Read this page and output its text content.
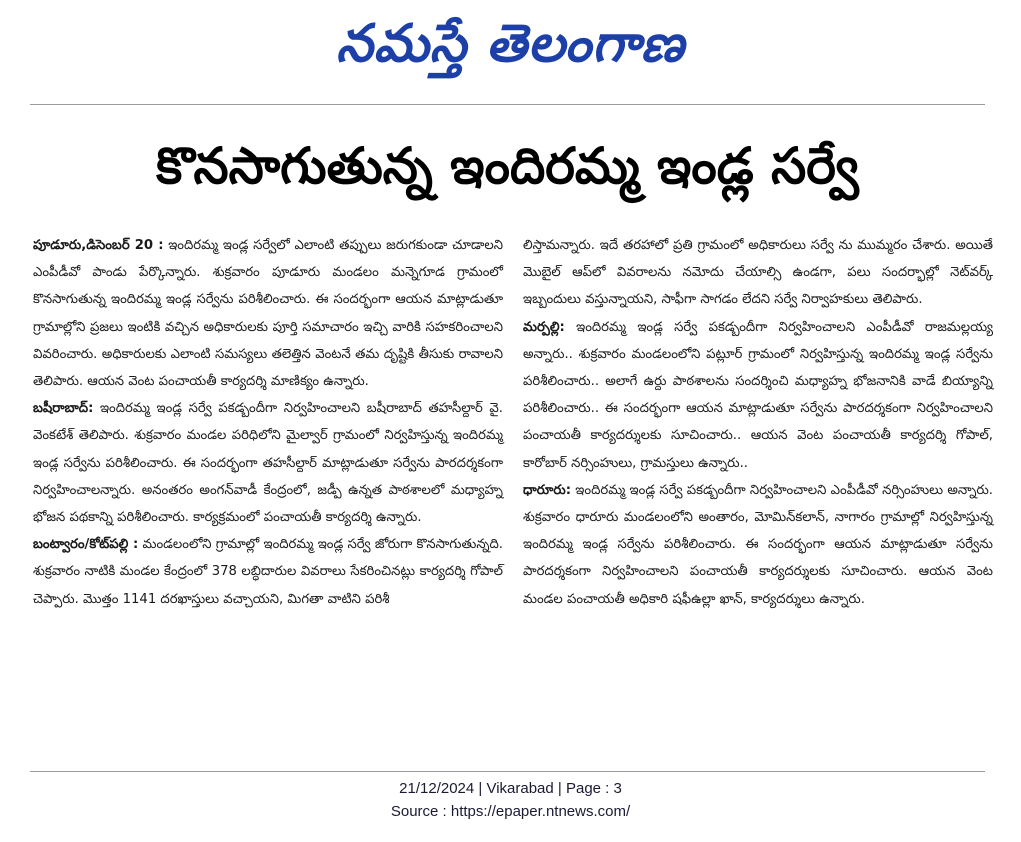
నమస్తే తెలంగాణ
కొనసాగుతున్న ఇందిరమ్మ ఇండ్ల సర్వే

పూడూరు,డిసెంబర్ 20 : ఇందిరమ్మ ఇండ్ల సర్వేలో ఎలాంటి తప్పులు జరుగకుండా చూడాలని ఎంపీడీవో పాండు పేర్కొన్నారు. శుక్రవారం పూడూరు మండలం మన్నెగూడ గ్రామంలో కొనసాగుతున్న ఇందిరమ్మ ఇండ్ల సర్వేను పరిశీలించారు. ఈ సందర్భంగా ఆయన మాట్లాడుతూ గ్రామాల్లోని ప్రజలు ఇంటికి వచ్చిన అధికారులకు పూర్తి సమాచారం ఇచ్చి వారికి సహకరించాలని వివరించారు. అధికారులకు ఎలాంటి సమస్యలు తలెత్తిన వెంటనే తమ దృష్టికి తీసుకు రావాలని తెలిపారు. ఆయన వెంట పంచాయతీ కార్యదర్శి మాణిక్యం ఉన్నారు.

బషీరాబాద్: ఇందిరమ్మ ఇండ్ల సర్వే పకడ్బందీగా నిర్వహించాలని బషీరాబాద్ తహసీల్దార్ వై. వెంకటేశ్ తెలిపారు. శుక్రవారం మండల పరిధిలోని మైల్వార్ గ్రామంలో నిర్వహిస్తున్న ఇందిరమ్మ ఇండ్ల సర్వేను పరిశీలించారు. ఈ సందర్భంగా తహసీల్దార్ మాట్లాడుతూ సర్వేను పారదర్శకంగా నిర్వహించాలన్నారు. అనంతరం అంగన్‌వాడీ కేంద్రంలో, జడ్పీ ఉన్నత పాఠశాలలో మధ్యాహ్న భోజన పథకాన్ని పరిశీలించారు. కార్యక్రమంలో పంచాయతీ కార్యదర్శి ఉన్నారు.

బంట్వారం/కోట్‌పల్లి : మండలంలోని గ్రామాల్లో ఇందిరమ్మ ఇండ్ల సర్వే జోరుగా కొనసాగుతున్నది. శుక్రవారం నాటికి మండల కేంద్రంలో 378 లబ్ధిదారుల వివరాలు సేకరించినట్లు కార్యదర్శి గోపాల్ చెప్పారు. మొత్తం 1141 దరఖాస్తులు వచ్చాయని, మిగతా వాటిని పరిశీ

లిస్తామన్నారు. ఇదే తరహాలో ప్రతి గ్రామంలో అధికారులు సర్వే ను ముమ్మరం చేశారు. అయితే మొబైల్ ఆప్‌లో వివరాలను నమోదు చేయాల్సి ఉండగా, పలు సందర్భాల్లో నెట్‌వర్క్ ఇబ్బందులు వస్తున్నాయని, సాఫీగా సాగడం లేదని సర్వే నిర్వాహకులు తెలిపారు.

మర్పల్లి: ఇందిరమ్మ ఇండ్ల సర్వే పకడ్బందీగా నిర్వహించాలని ఎంపీడీవో రాజమల్లయ్య అన్నారు.. శుక్రవారం మండలంలోని పట్లూర్ గ్రామంలో నిర్వహిస్తున్న ఇందిరమ్మ ఇండ్ల సర్వేను పరిశీలించారు.. అలాగే ఉర్దు పాఠశాలను సందర్శించి మధ్యాహ్న భోజనానికి వాడే బియ్యాన్ని పరిశీలించారు.. ఈ సందర్భంగా ఆయన మాట్లాడుతూ సర్వేను పారదర్శకంగా నిర్వహించాలని పంచాయతీ కార్యదర్శులకు సూచించారు.. ఆయన వెంట పంచాయతీ కార్యదర్శి గోపాల్, కారోబార్ నర్సింహులు, గ్రామస్తులు ఉన్నారు..

ధారూరు: ఇందిరమ్మ ఇండ్ల సర్వే పకడ్బందీగా నిర్వహించాలని ఎంపీడీవో నర్సింహులు అన్నారు. శుక్రవారం ధారూరు మండలంలోని అంతారం, మోమిన్‌కలాన్, నాగారం గ్రామాల్లో నిర్వహిస్తున్న ఇందిరమ్మ ఇండ్ల సర్వేను పరిశీలించారు. ఈ సందర్భంగా ఆయన మాట్లాడుతూ సర్వేను పారదర్శకంగా నిర్వహించాలని పంచాయతీ కార్యదర్శులకు సూచించారు. ఆయన వెంట మండల పంచాయతీ అధికారి షఫీఉల్లా ఖాన్, కార్యదర్శులు ఉన్నారు.

21/12/2024 | Vikarabad | Page : 3
Source : https://epaper.ntnews.com/
